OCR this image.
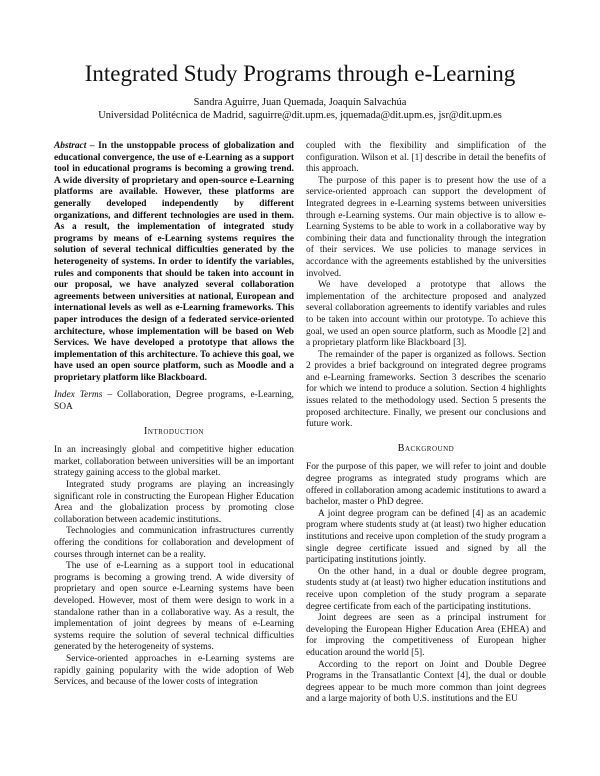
Integrated Study Programs through e-Learning
Sandra Aguirre, Juan Quemada, Joaquín Salvachúa
Universidad Politécnica de Madrid, saguirre@dit.upm.es, jquemada@dit.upm.es, jsr@dit.upm.es

Abstract – In the unstoppable process of globalization and educational convergence, the use of e-Learning as a support tool in educational programs is becoming a growing trend. A wide diversity of proprietary and open-source e-Learning platforms are available. However, these platforms are generally developed independently by different organizations, and different technologies are used in them. As a result, the implementation of integrated study programs by means of e-Learning systems requires the solution of several technical difficulties generated by the heterogeneity of systems. In order to identify the variables, rules and components that should be taken into account in our proposal, we have analyzed several collaboration agreements between universities at national, European and international levels as well as e-Learning frameworks. This paper introduces the design of a federated service-oriented architecture, whose implementation will be based on Web Services. We have developed a prototype that allows the implementation of this architecture. To achieve this goal, we have used an open source platform, such as Moodle and a proprietary platform like Blackboard.

Index Terms – Collaboration, Degree programs, e-Learning, SOA

Introduction

In an increasingly global and competitive higher education market, collaboration between universities will be an important strategy gaining access to the global market.

Integrated study programs are playing an increasingly significant role in constructing the European Higher Education Area and the globalization process by promoting close collaboration between academic institutions.

Technologies and communication infrastructures currently offering the conditions for collaboration and development of courses through internet can be a reality.

The use of e-Learning as a support tool in educational programs is becoming a growing trend. A wide diversity of proprietary and open source e-Learning systems have been developed. However, most of them were design to work in a standalone rather than in a collaborative way. As a result, the implementation of joint degrees by means of e-Learning systems require the solution of several technical difficulties generated by the heterogeneity of systems.

Service-oriented approaches in e-Learning systems are rapidly gaining popularity with the wide adoption of Web Services, and because of the lower costs of integration

coupled with the flexibility and simplification of the configuration. Wilson et al. [1] describe in detail the benefits of this approach.

The purpose of this paper is to present how the use of a service-oriented approach can support the development of Integrated degrees in e-Learning systems between universities through e-Learning systems. Our main objective is to allow e-Learning Systems to be able to work in a collaborative way by combining their data and functionality through the integration of their services. We use policies to manage services in accordance with the agreements established by the universities involved.

We have developed a prototype that allows the implementation of the architecture proposed and analyzed several collaboration agreements to identify variables and rules to be taken into account within our prototype. To achieve this goal, we used an open source platform, such as Moodle [2] and a proprietary platform like Blackboard [3].

The remainder of the paper is organized as follows. Section 2 provides a brief background on integrated degree programs and e-Learning frameworks. Section 3 describes the scenario for which we intend to produce a solution. Section 4 highlights issues related to the methodology used. Section 5 presents the proposed architecture. Finally, we present our conclusions and future work.

Background

For the purpose of this paper, we will refer to joint and double degree programs as integrated study programs which are offered in collaboration among academic institutions to award a bachelor, master o PhD degree.

A joint degree program can be defined [4] as an academic program where students study at (at least) two higher education institutions and receive upon completion of the study program a single degree certificate issued and signed by all the participating institutions jointly.

On the other hand, in a dual or double degree program, students study at (at least) two higher education institutions and receive upon completion of the study program a separate degree certificate from each of the participating institutions.

Joint degrees are seen as a principal instrument for developing the European Higher Education Area (EHEA) and for improving the competitiveness of European higher education around the world [5].

According to the report on Joint and Double Degree Programs in the Transatlantic Context [4], the dual or double degrees appear to be much more common than joint degrees and a large majority of both U.S. institutions and the EU
